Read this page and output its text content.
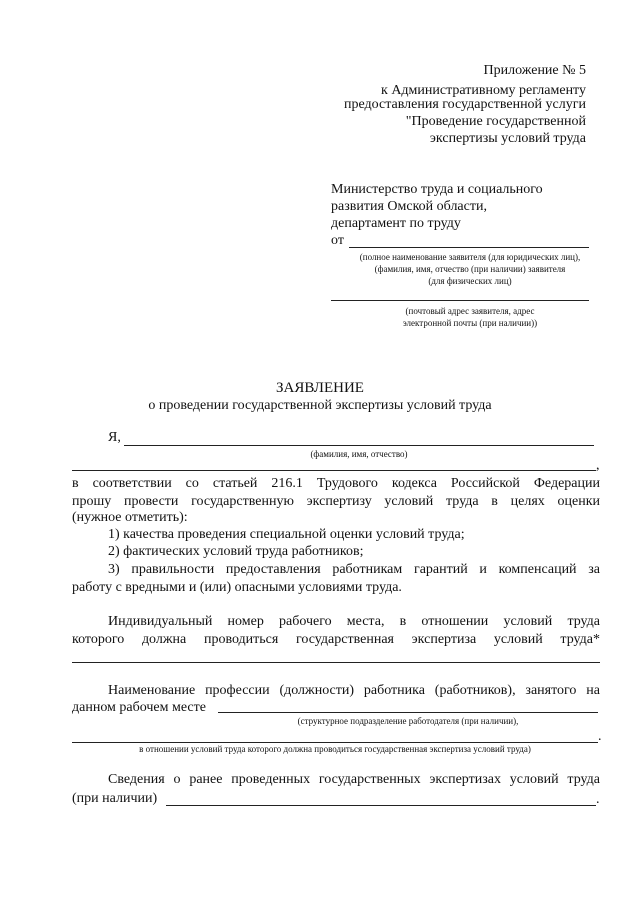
Приложение № 5
к Административному регламенту
предоставления государственной услуги
"Проведение государственной
экспертизы условий труда
Министерство труда и социального
развития Омской области,
департамент по труду
от
(полное наименование заявителя (для юридических лиц),
(фамилия, имя, отчество (при наличии) заявителя
(для физических лиц)
(почтовый адрес заявителя, адрес
электронной почты (при наличии))
ЗАЯВЛЕНИЕ
о проведении государственной экспертизы условий труда
Я,
(фамилия, имя, отчество)
,
в соответствии со статьей 216.1 Трудового кодекса Российской Федерации
прошу провести государственную экспертизу условий труда в целях оценки
(нужное отметить):
1) качества проведения специальной оценки условий труда;
2) фактических условий труда работников;
3) правильности предоставления работникам гарантий и компенсаций за
работу с вредными и (или) опасными условиями труда.
Индивидуальный номер рабочего места, в отношении условий труда
которого должна проводиться государственная экспертиза условий труда*
Наименование профессии (должности) работника (работников), занятого на
данном рабочем месте
(структурное подразделение работодателя (при наличии),
.
в отношении условий труда которого должна проводиться государственная экспертиза условий труда)
Сведения о ранее проведенных государственных экспертизах условий труда
(при наличии)	.
